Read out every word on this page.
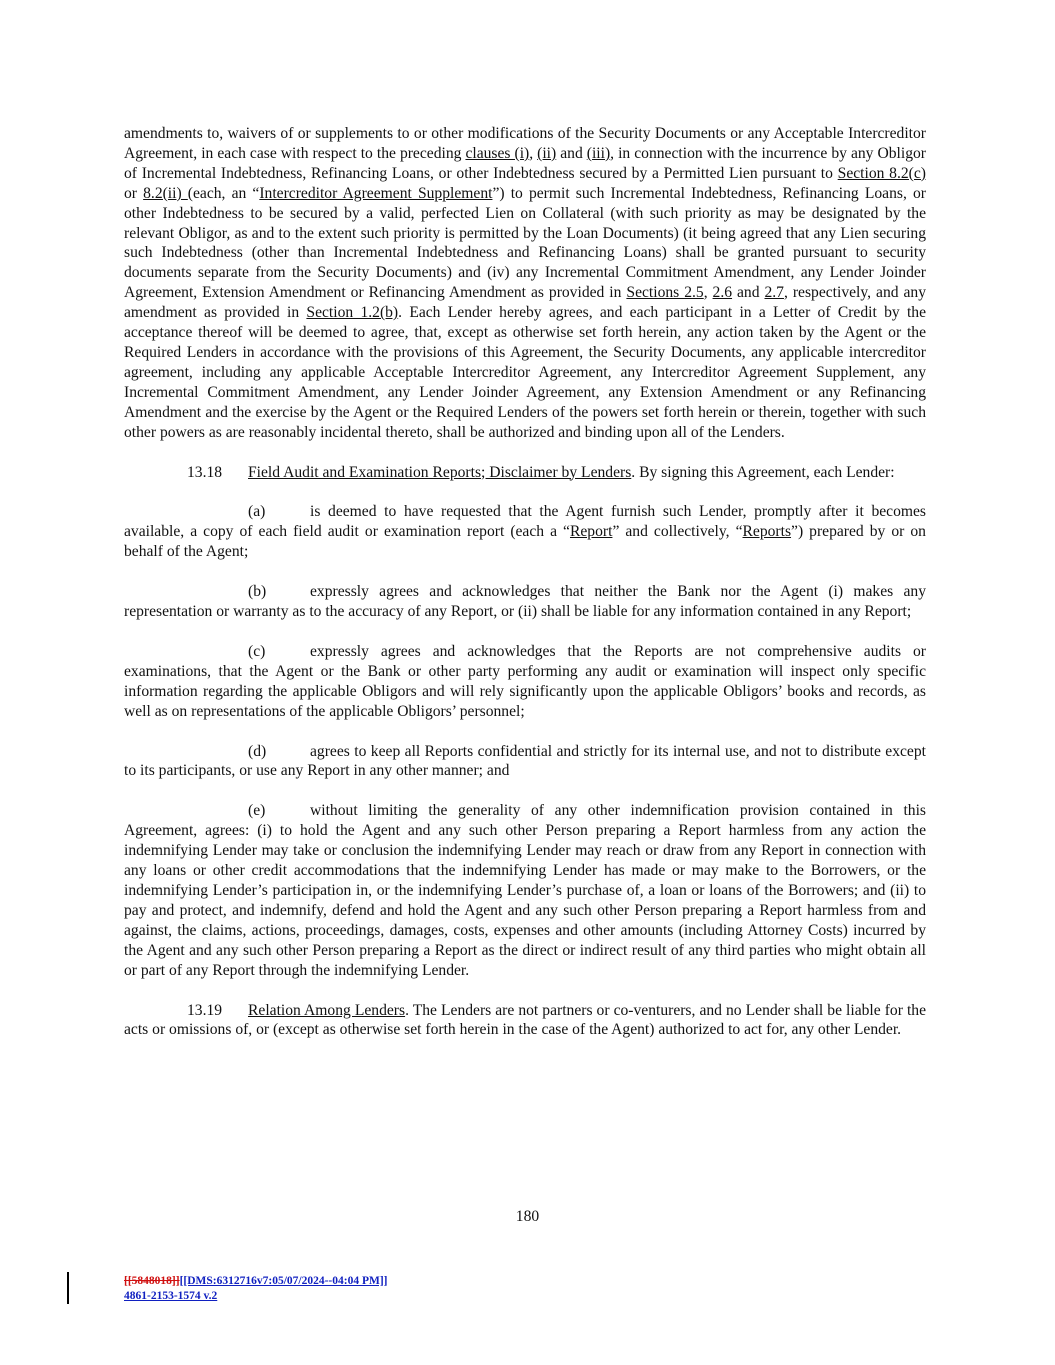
amendments to, waivers of or supplements to or other modifications of the Security Documents or any Acceptable Intercreditor Agreement, in each case with respect to the preceding clauses (i), (ii) and (iii), in connection with the incurrence by any Obligor of Incremental Indebtedness, Refinancing Loans, or other Indebtedness secured by a Permitted Lien pursuant to Section 8.2(c) or 8.2(ii) (each, an “Intercreditor Agreement Supplement”) to permit such Incremental Indebtedness, Refinancing Loans, or other Indebtedness to be secured by a valid, perfected Lien on Collateral (with such priority as may be designated by the relevant Obligor, as and to the extent such priority is permitted by the Loan Documents) (it being agreed that any Lien securing such Indebtedness (other than Incremental Indebtedness and Refinancing Loans) shall be granted pursuant to security documents separate from the Security Documents) and (iv) any Incremental Commitment Amendment, any Lender Joinder Agreement, Extension Amendment or Refinancing Amendment as provided in Sections 2.5, 2.6 and 2.7, respectively, and any amendment as provided in Section 1.2(b). Each Lender hereby agrees, and each participant in a Letter of Credit by the acceptance thereof will be deemed to agree, that, except as otherwise set forth herein, any action taken by the Agent or the Required Lenders in accordance with the provisions of this Agreement, the Security Documents, any applicable intercreditor agreement, including any applicable Acceptable Intercreditor Agreement, any Intercreditor Agreement Supplement, any Incremental Commitment Amendment, any Lender Joinder Agreement, any Extension Amendment or any Refinancing Amendment and the exercise by the Agent or the Required Lenders of the powers set forth herein or therein, together with such other powers as are reasonably incidental thereto, shall be authorized and binding upon all of the Lenders.

13.18 Field Audit and Examination Reports; Disclaimer by Lenders. By signing this Agreement, each Lender:

(a)	is deemed to have requested that the Agent furnish such Lender, promptly after it becomes available, a copy of each field audit or examination report (each a “Report” and collectively, “Reports”) prepared by or on behalf of the Agent;

(b)	expressly agrees and acknowledges that neither the Bank nor the Agent (i) makes any representation or warranty as to the accuracy of any Report, or (ii) shall be liable for any information contained in any Report;

(c)	expressly agrees and acknowledges that the Reports are not comprehensive audits or examinations, that the Agent or the Bank or other party performing any audit or examination will inspect only specific information regarding the applicable Obligors and will rely significantly upon the applicable Obligors’ books and records, as well as on representations of the applicable Obligors’ personnel;

(d)	agrees to keep all Reports confidential and strictly for its internal use, and not to distribute except to its participants, or use any Report in any other manner; and

(e)	without limiting the generality of any other indemnification provision contained in this Agreement, agrees: (i) to hold the Agent and any such other Person preparing a Report harmless from any action the indemnifying Lender may take or conclusion the indemnifying Lender may reach or draw from any Report in connection with any loans or other credit accommodations that the indemnifying Lender has made or may make to the Borrowers, or the indemnifying Lender’s participation in, or the indemnifying Lender’s purchase of, a loan or loans of the Borrowers; and (ii) to pay and protect, and indemnify, defend and hold the Agent and any such other Person preparing a Report harmless from and against, the claims, actions, proceedings, damages, costs, expenses and other amounts (including Attorney Costs) incurred by the Agent and any such other Person preparing a Report as the direct or indirect result of any third parties who might obtain all or part of any Report through the indemnifying Lender.

13.19 Relation Among Lenders. The Lenders are not partners or co-venturers, and no Lender shall be liable for the acts or omissions of, or (except as otherwise set forth herein in the case of the Agent) authorized to act for, any other Lender.

180
[[5848018]][[DMS:6312716v7:05/07/2024--04:04 PM]]
4861-2153-1574 v.2
